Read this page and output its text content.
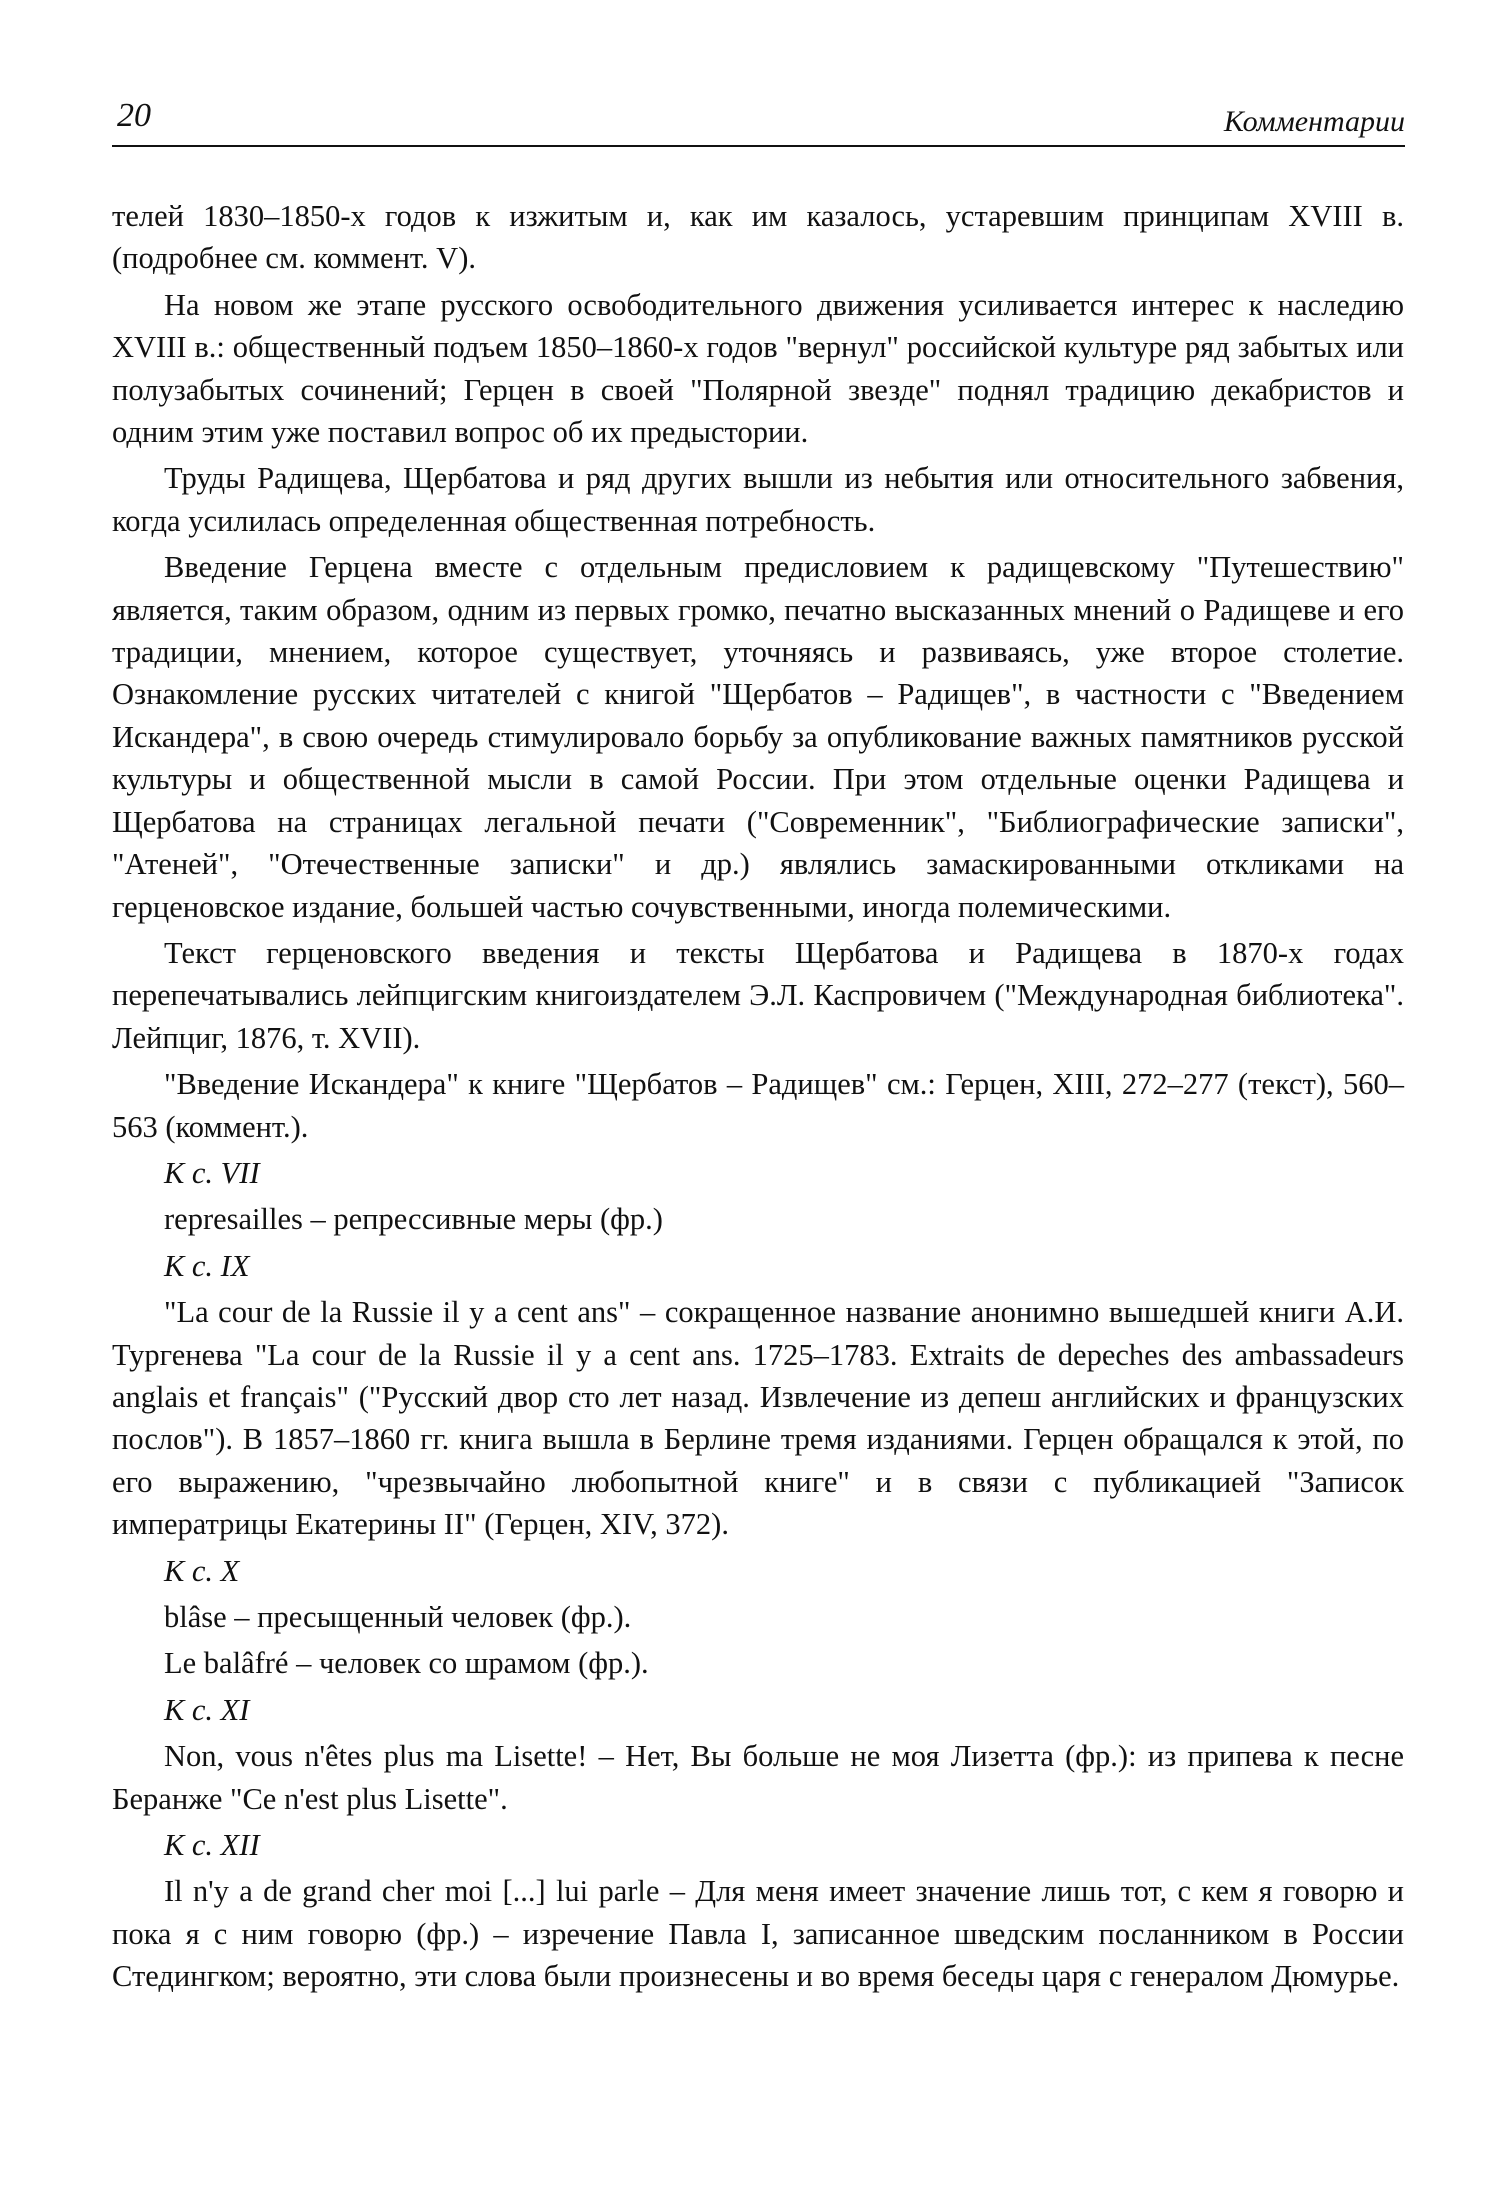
20	Комментарии

телей 1830–1850-х годов к изжитым и, как им казалось, устаревшим принципам XVIII в. (подробнее см. коммент. V).

На новом же этапе русского освободительного движения усиливается интерес к наследию XVIII в.: общественный подъем 1850–1860-х годов "вернул" российской культуре ряд забытых или полузабытых сочинений; Герцен в своей "Полярной звезде" поднял традицию декабристов и одним этим уже поставил вопрос об их предыстории.

Труды Радищева, Щербатова и ряд других вышли из небытия или относительного забвения, когда усилилась определенная общественная потребность.

Введение Герцена вместе с отдельным предисловием к радищевскому "Путешествию" является, таким образом, одним из первых громко, печатно высказанных мнений о Радищеве и его традиции, мнением, которое существует, уточняясь и развиваясь, уже второе столетие. Ознакомление русских читателей с книгой "Щербатов – Радищев", в частности с "Введением Искандера", в свою очередь стимулировало борьбу за опубликование важных памятников русской культуры и общественной мысли в самой России. При этом отдельные оценки Радищева и Щербатова на страницах легальной печати ("Современник", "Библиографические записки", "Атеней", "Отечественные записки" и др.) являлись замаскированными откликами на герценовское издание, большей частью сочувственными, иногда полемическими.

Текст герценовского введения и тексты Щербатова и Радищева в 1870-х годах перепечатывались лейпцигским книгоиздателем Э.Л. Каспровичем ("Международная библиотека". Лейпциг, 1876, т. XVII).

"Введение Искандера" к книге "Щербатов – Радищев" см.: Герцен, XIII, 272–277 (текст), 560–563 (коммент.).

К с. VII

represailles – репрессивные меры (фр.)

К с. IX

"La cour de la Russie il y a cent ans" – сокращенное название анонимно вышедшей книги А.И. Тургенева "La cour de la Russie il y a cent ans. 1725–1783. Extraits de depeches des ambassadeurs anglais et français" ("Русский двор сто лет назад. Извлечение из депеш английских и французских послов"). В 1857–1860 гг. книга вышла в Берлине тремя изданиями. Герцен обращался к этой, по его выражению, "чрезвычайно любопытной книге" и в связи с публикацией "Записок императрицы Екатерины II" (Герцен, XIV, 372).

К с. X

blâse – пресыщенный человек (фр.).

Le balâfré – человек со шрамом (фр.).

К с. XI

Non, vous n'êtes plus ma Lisette! – Нет, Вы больше не моя Лизетта (фр.): из припева к песне Беранже "Ce n'est plus Lisette".

К с. XII

Il n'y a de grand cher moi [...] lui parle – Для меня имеет значение лишь тот, с кем я говорю и пока я с ним говорю (фр.) – изречение Павла I, записанное шведским посланником в России Стедингком; вероятно, эти слова были произнесены и во время беседы царя с генералом Дюмурье.
